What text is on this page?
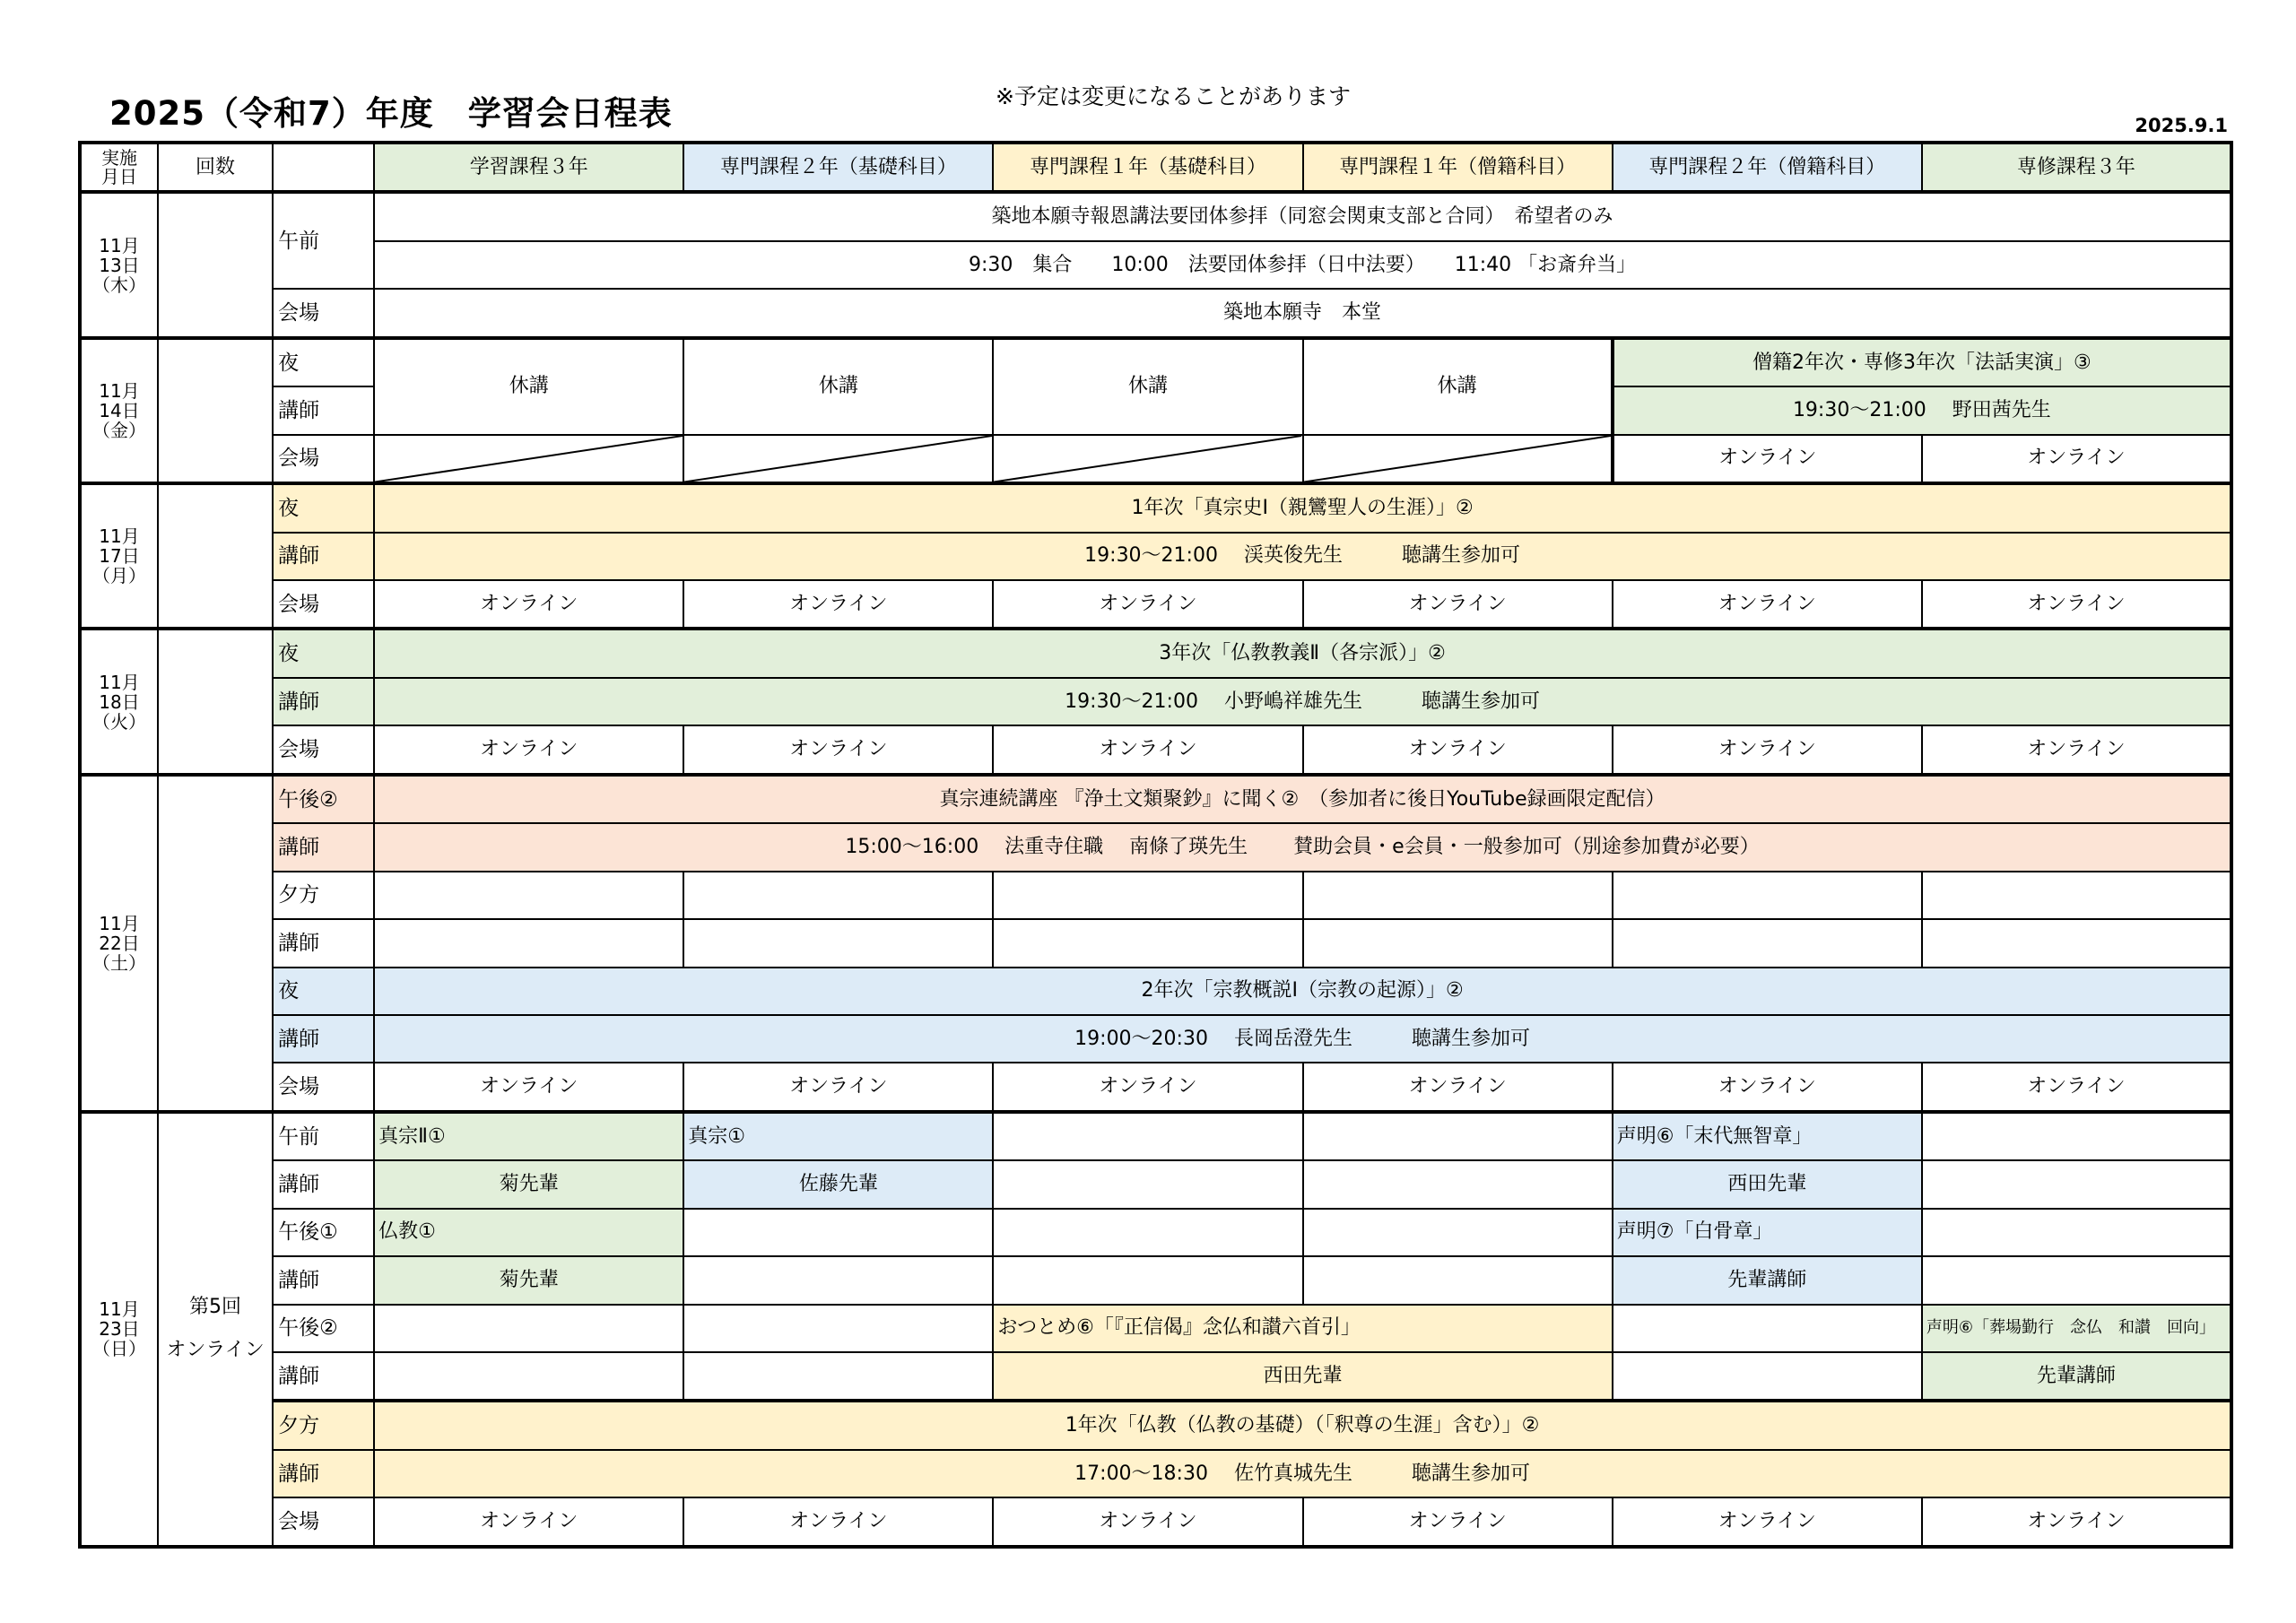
2025（令和7）年度　学習会日程表	※予定は変更になることがあります
2025.9.1
実施
月日	回数		学習課程３年	専門課程２年（基礎科目）	専門課程１年（基礎科目）	専門課程１年（僧籍科目）	専門課程２年（僧籍科目）	専修課程３年
11月
13日
（木）		午前	築地本願寺報恩講法要団体参拝（同窓会関東支部と合同）　希望者のみ					
			9:30　集合　　10:00　法要団体参拝（日中法要）　　11:40 「お斎弁当」					
		会場	築地本願寺　本堂					
11月
14日
（金）		夜	休講	休講	休講	休講	僧籍2年次・専修3年次「法話実演」③	
		講師					19:30～21:00　 野田茜先生	
		会場					オンライン	オンライン
11月
17日
（月）		夜	1年次「真宗史Ⅰ（親鸞聖人の生涯）」②					
		講師	19:30～21:00　 渓英俊先生　　　聴講生参加可					
		会場	オンライン	オンライン	オンライン	オンライン	オンライン	オンライン
11月
18日
（火）		夜	3年次「仏教教義Ⅱ（各宗派）」②					
		講師	19:30～21:00　 小野嶋祥雄先生　　　聴講生参加可					
		会場	オンライン	オンライン	オンライン	オンライン	オンライン	オンライン
11月
22日
（土）		午後②	真宗連続講座 『浄土文類聚鈔』に聞く②　（参加者に後日YouTube録画限定配信）					
		講師	15:00～16:00　 法重寺住職　 南條了瑛先生　　 賛助会員・e会員・一般参加可（別途参加費が必要）					
		夕方						
		講師						
		夜	2年次「宗教概説Ⅰ（宗教の起源）」②					
		講師	19:00～20:30　 長岡岳澄先生　　　聴講生参加可					
		会場	オンライン	オンライン	オンライン	オンライン	オンライン	オンライン
11月
23日
（日）	第5回

オンライン	午前	真宗Ⅱ①	真宗①			声明⑥「末代無智章」	
		講師	菊先輩	佐藤先輩			西田先輩	
		午後①	仏教①				声明⑦「白骨章」	
		講師	菊先輩				先輩講師	
		午後②			おつとめ⑥「『正信偈』念仏和讃六首引」			声明⑥「葬場勤行　念仏　和讃　回向」
		講師			西田先輩			先輩講師
		夕方	1年次「仏教（仏教の基礎）（「釈尊の生涯」含む）」②					
		講師	17:00～18:30　 佐竹真城先生　　　聴講生参加可					
		会場	オンライン	オンライン	オンライン	オンライン	オンライン	オンライン
